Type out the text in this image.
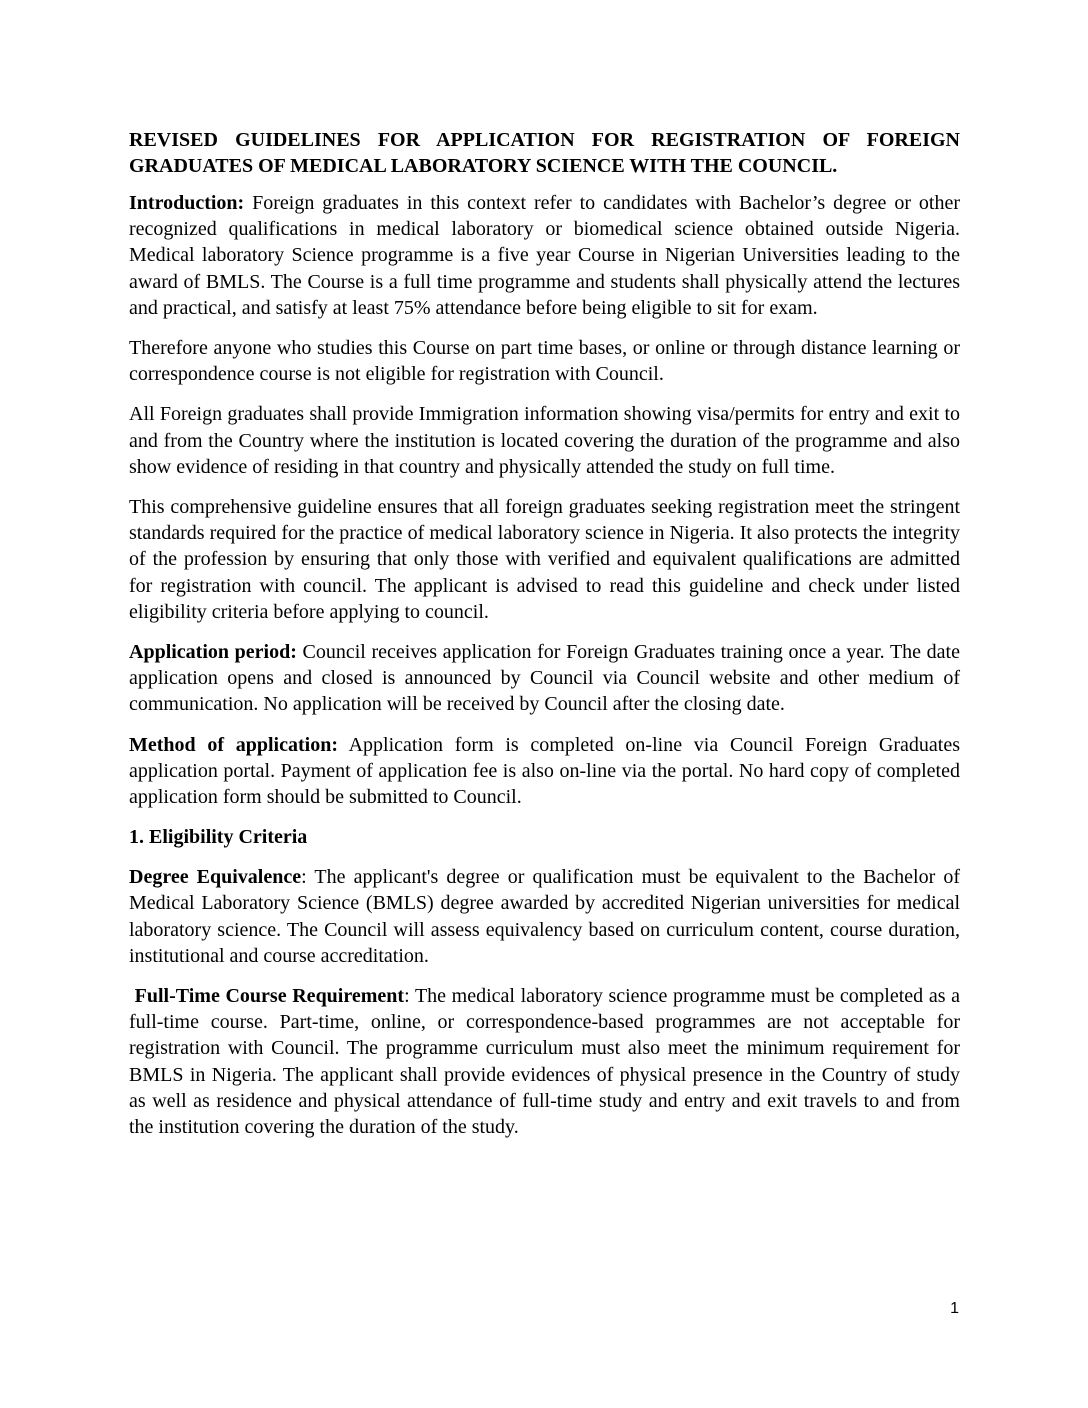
REVISED GUIDELINES FOR APPLICATION FOR REGISTRATION OF FOREIGN GRADUATES OF MEDICAL LABORATORY SCIENCE WITH THE COUNCIL.

Introduction: Foreign graduates in this context refer to candidates with Bachelor’s degree or other recognized qualifications in medical laboratory or biomedical science obtained outside Nigeria. Medical laboratory Science programme is a five year Course in Nigerian Universities leading to the award of BMLS. The Course is a full time programme and students shall physically attend the lectures and practical, and satisfy at least 75% attendance before being eligible to sit for exam.

Therefore anyone who studies this Course on part time bases, or online or through distance learning or correspondence course is not eligible for registration with Council.

All Foreign graduates shall provide Immigration information showing visa/permits for entry and exit to and from the Country where the institution is located covering the duration of the programme and also show evidence of residing in that country and physically attended the study on full time.

This comprehensive guideline ensures that all foreign graduates seeking registration meet the stringent standards required for the practice of medical laboratory science in Nigeria. It also protects the integrity of the profession by ensuring that only those with verified and equivalent qualifications are admitted for registration with council. The applicant is advised to read this guideline and check under listed eligibility criteria before applying to council.

Application period: Council receives application for Foreign Graduates training once a year. The date application opens and closed is announced by Council via Council website and other medium of communication. No application will be received by Council after the closing date.

Method of application: Application form is completed on-line via Council Foreign Graduates application portal. Payment of application fee is also on-line via the portal. No hard copy of completed application form should be submitted to Council.

1. Eligibility Criteria

Degree Equivalence: The applicant's degree or qualification must be equivalent to the Bachelor of Medical Laboratory Science (BMLS) degree awarded by accredited Nigerian universities for medical laboratory science. The Council will assess equivalency based on curriculum content, course duration, institutional and course accreditation.

Full-Time Course Requirement: The medical laboratory science programme must be completed as a full-time course. Part-time, online, or correspondence-based programmes are not acceptable for registration with Council. The programme curriculum must also meet the minimum requirement for BMLS in Nigeria. The applicant shall provide evidences of physical presence in the Country of study as well as residence and physical attendance of full-time study and entry and exit travels to and from the institution covering the duration of the study.

1
